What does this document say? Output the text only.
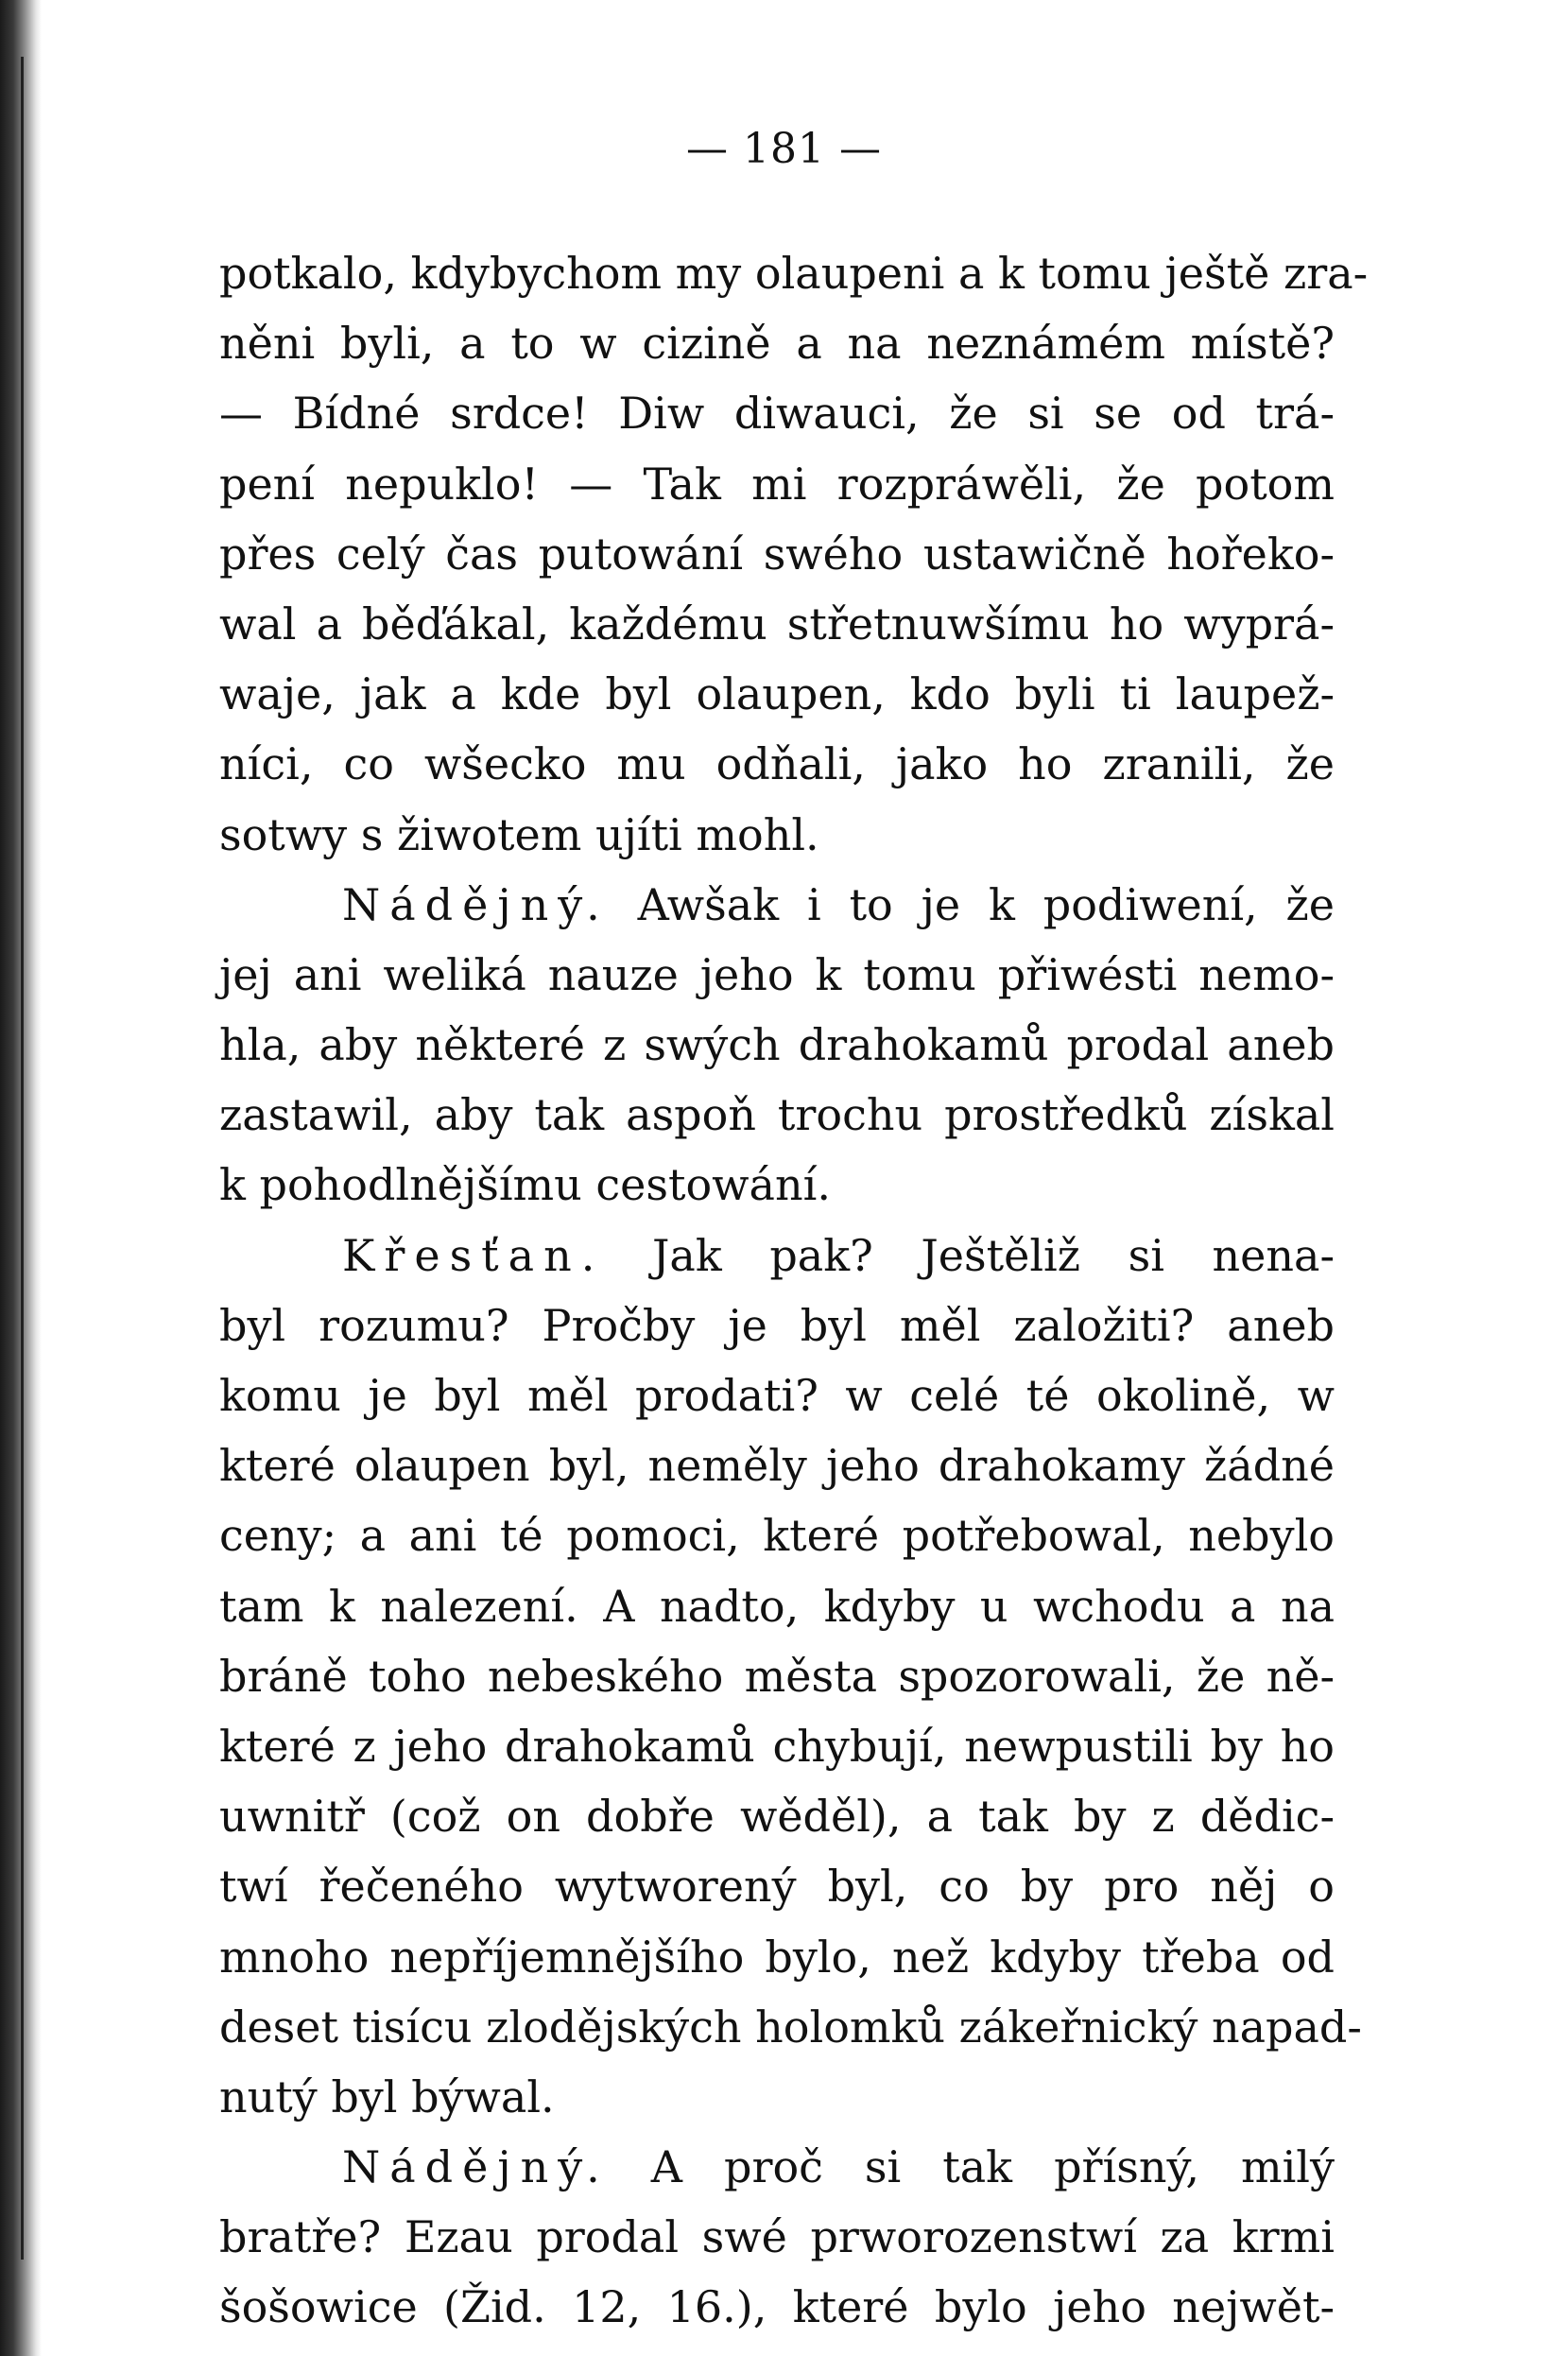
— 181 —
potkalo, kdybychom my olaupeni a k tomu ještě zra-
něni byli, a to w cizině a na neznámém místě?
— Bídné srdce! Diw diwauci, že si se od trá-
pení nepuklo! — Tak mi rozpráwěli, že potom
přes celý čas putowání swého ustawičně hořeko-
wal a běďákal, každému střetnuwšímu ho wyprá-
waje, jak a kde byl olaupen, kdo byli ti laupež-
níci, co wšecko mu odňali, jako ho zranili, že
sotwy s žiwotem ujíti mohl.
Nádějný. Awšak i to je k podiwení, že
jej ani weliká nauze jeho k tomu přiwésti nemo-
hla, aby některé z swých drahokamů prodal aneb
zastawil, aby tak aspoň trochu prostředků získal
k pohodlnějšímu cestowání.
Křesťan. Jak pak? Ještěliž si nena-
byl rozumu? Pročby je byl měl založiti? aneb
komu je byl měl prodati? w celé té okolině, w
které olaupen byl, neměly jeho drahokamy žádné
ceny; a ani té pomoci, které potřebowal, nebylo
tam k nalezení. A nadto, kdyby u wchodu a na
bráně toho nebeského města spozorowali, že ně-
které z jeho drahokamů chybují, newpustili by ho
uwnitř (což on dobře wěděl), a tak by z dědic-
twí řečeného wytworený byl, co by pro něj o
mnoho nepříjemnějšího bylo, než kdyby třeba od
deset tisícu zlodějských holomků zákeřnický napad-
nutý byl býwal.
Nádějný. A proč si tak přísný, milý
bratře? Ezau prodal swé prworozenstwí za krmi
šošowice (Žid. 12, 16.), které bylo jeho nejwět-
